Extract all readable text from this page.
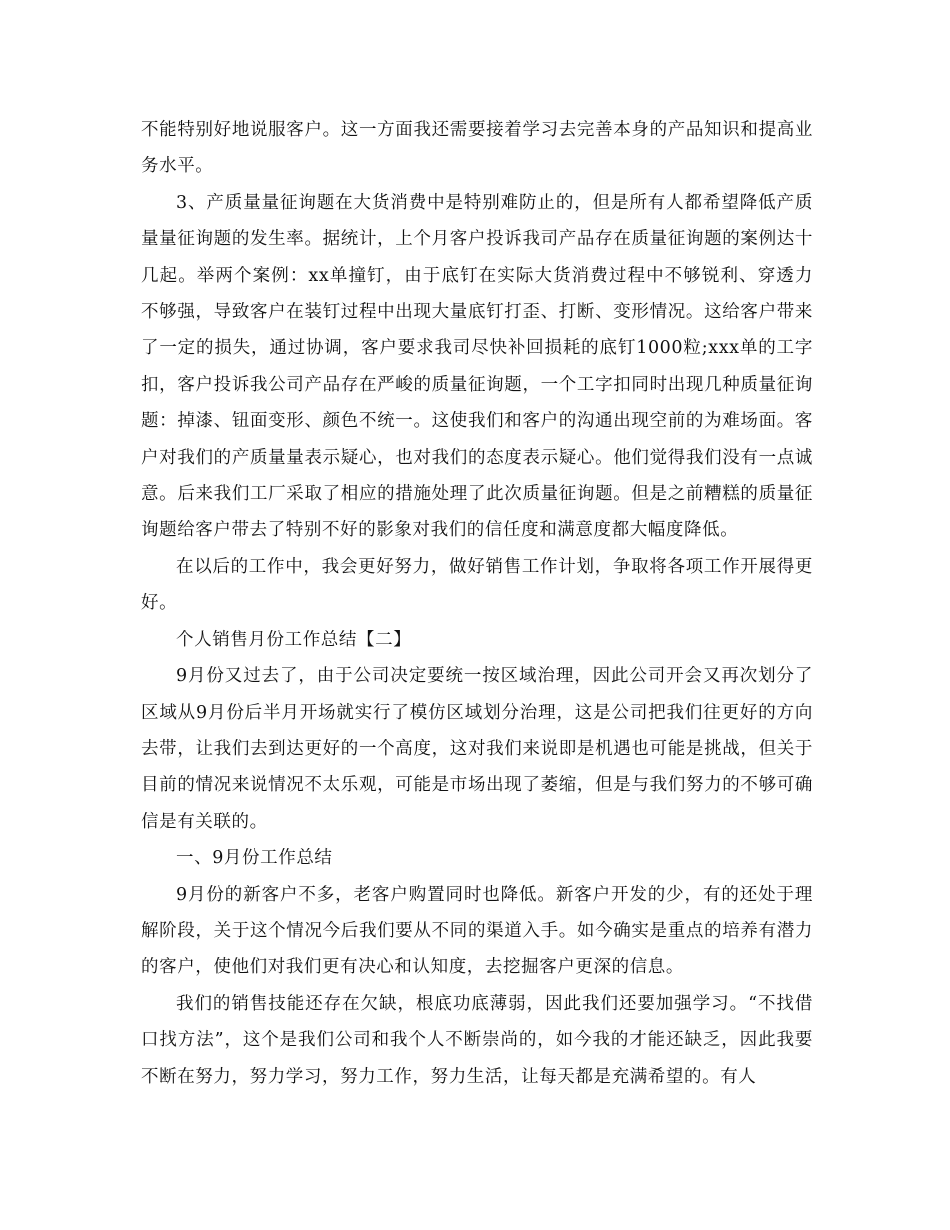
不能特别好地说服客户。这一方面我还需要接着学习去完善本身的产品知识和提高业务水平。

3、产质量量征询题在大货消费中是特别难防止的，但是所有人都希望降低产质量量征询题的发生率。据统计，上个月客户投诉我司产品存在质量征询题的案例达十几起。举两个案例：xx单撞钉，由于底钉在实际大货消费过程中不够锐利、穿透力不够强，导致客户在装钉过程中出现大量底钉打歪、打断、变形情况。这给客户带来了一定的损失，通过协调，客户要求我司尽快补回损耗的底钉1000粒;xxx单的工字扣，客户投诉我公司产品存在严峻的质量征询题，一个工字扣同时出现几种质量征询题：掉漆、钮面变形、颜色不统一。这使我们和客户的沟通出现空前的为难场面。客户对我们的产质量量表示疑心，也对我们的态度表示疑心。他们觉得我们没有一点诚意。后来我们工厂采取了相应的措施处理了此次质量征询题。但是之前糟糕的质量征询题给客户带去了特别不好的影象对我们的信任度和满意度都大幅度降低。

在以后的工作中，我会更好努力，做好销售工作计划，争取将各项工作开展得更好。

个人销售月份工作总结【二】

9月份又过去了，由于公司决定要统一按区域治理，因此公司开会又再次划分了区域从9月份后半月开场就实行了模仿区域划分治理，这是公司把我们往更好的方向去带，让我们去到达更好的一个高度，这对我们来说即是机遇也可能是挑战，但关于目前的情况来说情况不太乐观，可能是市场出现了萎缩，但是与我们努力的不够可确信是有关联的。

一、9月份工作总结

9月份的新客户不多，老客户购置同时也降低。新客户开发的少，有的还处于理解阶段，关于这个情况今后我们要从不同的渠道入手。如今确实是重点的培养有潜力的客户，使他们对我们更有决心和认知度，去挖掘客户更深的信息。

我们的销售技能还存在欠缺，根底功底薄弱，因此我们还要加强学习。“不找借口找方法”，这个是我们公司和我个人不断崇尚的，如今我的才能还缺乏，因此我要不断在努力，努力学习，努力工作，努力生活，让每天都是充满希望的。有人
